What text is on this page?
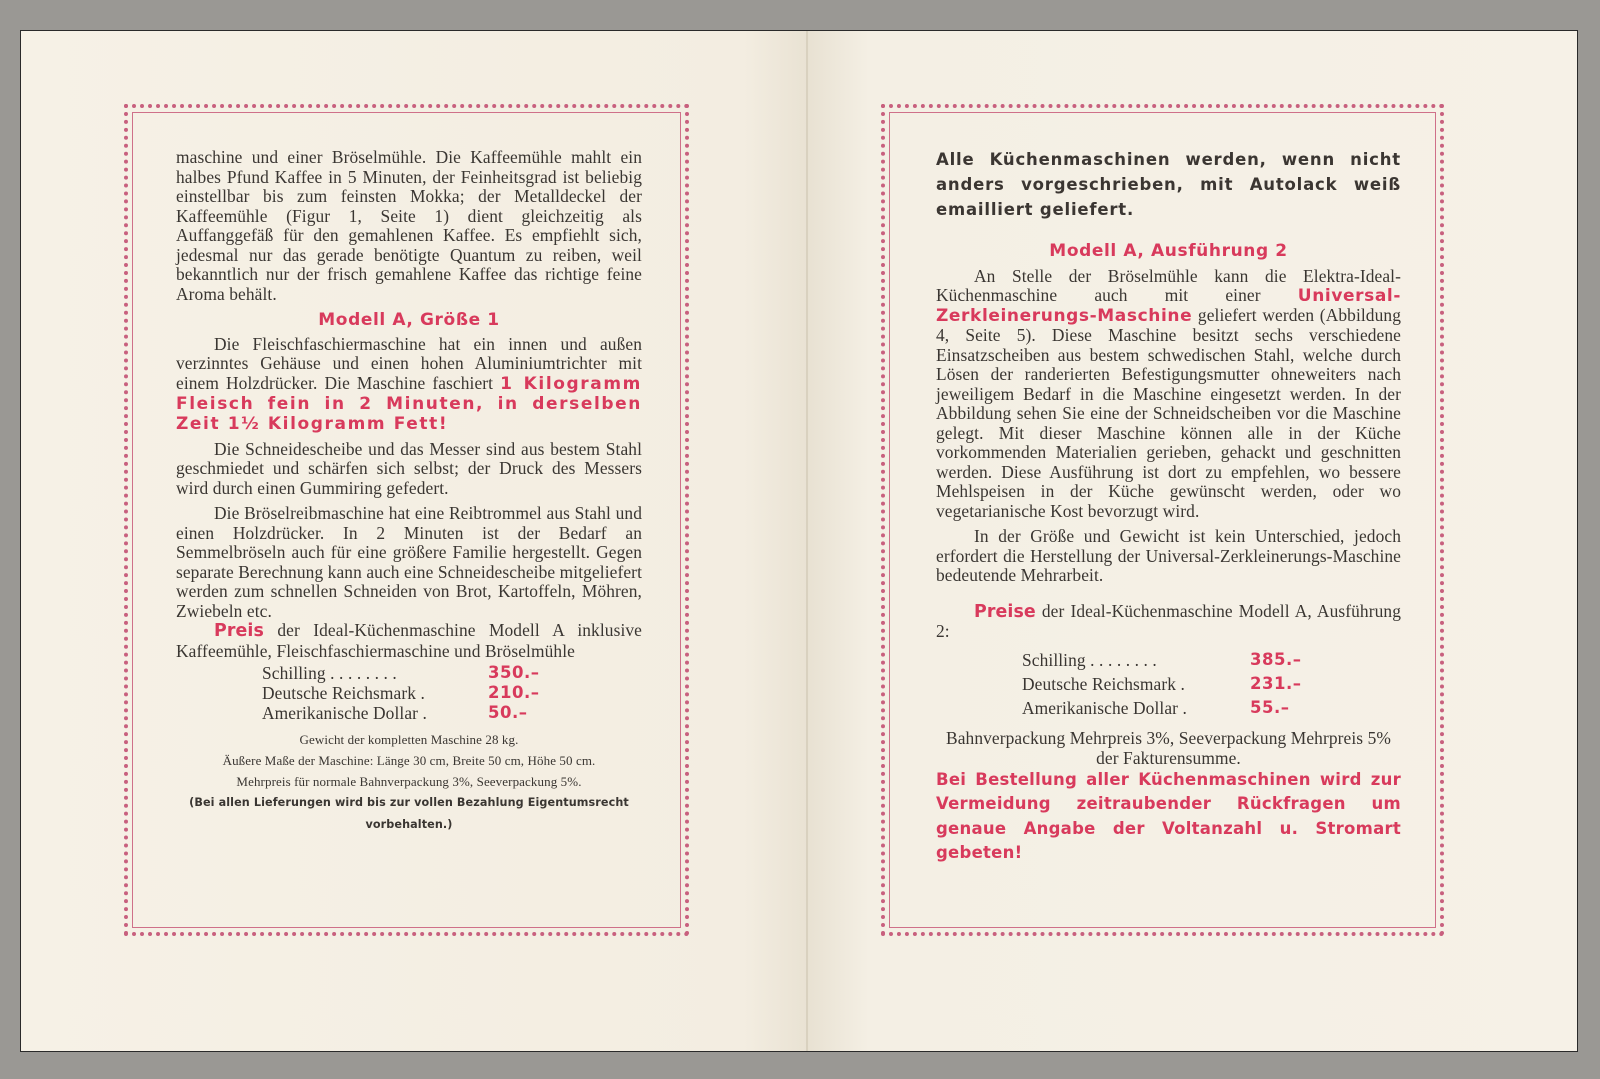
maschine und einer Bröselmühle. Die Kaffeemühle mahlt ein halbes Pfund Kaffee in 5 Minuten, der Feinheitsgrad ist beliebig einstellbar bis zum feinsten Mokka; der Metalldeckel der Kaffeemühle (Figur 1, Seite 1) dient gleichzeitig als Auffanggefäß für den gemahlenen Kaffee. Es empfiehlt sich, jedesmal nur das gerade benötigte Quantum zu reiben, weil bekanntlich nur der frisch gemahlene Kaffee das richtige feine Aroma behält.

Modell A, Größe 1

Die Fleischfaschiermaschine hat ein innen und außen verzinntes Gehäuse und einen hohen Aluminiumtrichter mit einem Holzdrücker. Die Maschine faschiert 1 Kilogramm Fleisch fein in 2 Minuten, in derselben Zeit 1½ Kilogramm Fett!

Die Schneidescheibe und das Messer sind aus bestem Stahl geschmiedet und schärfen sich selbst; der Druck des Messers wird durch einen Gummiring gefedert.

Die Bröselreibmaschine hat eine Reibtrommel aus Stahl und einen Holzdrücker. In 2 Minuten ist der Bedarf an Semmelbröseln auch für eine größere Familie hergestellt. Gegen separate Berechnung kann auch eine Schneidescheibe mitgeliefert werden zum schnellen Schneiden von Brot, Kartoffeln, Möhren, Zwiebeln etc.

Preis der Ideal-Küchenmaschine Modell A inklusive Kaffeemühle, Fleischfaschiermaschine und Bröselmühle

Schilling . . . . . . . .	350.–
Deutsche Reichsmark .	210.–
Amerikanische Dollar .	50.–

Gewicht der kompletten Maschine 28 kg.

Äußere Maße der Maschine: Länge 30 cm, Breite 50 cm, Höhe 50 cm.

Mehrpreis für normale Bahnverpackung 3%, Seeverpackung 5%.

(Bei allen Lieferungen wird bis zur vollen Bezahlung Eigentumsrecht vorbehalten.)

Alle Küchenmaschinen werden, wenn nicht anders vorgeschrieben, mit Autolack weiß emailliert geliefert.

Modell A, Ausführung 2

An Stelle der Bröselmühle kann die Elektra-Ideal-Küchenmaschine auch mit einer Universal-Zerkleinerungs-Maschine geliefert werden (Abbildung 4, Seite 5). Diese Maschine besitzt sechs verschiedene Einsatzscheiben aus bestem schwedischen Stahl, welche durch Lösen der randerierten Befestigungsmutter ohneweiters nach jeweiligem Bedarf in die Maschine eingesetzt werden. In der Abbildung sehen Sie eine der Schneidscheiben vor die Maschine gelegt. Mit dieser Maschine können alle in der Küche vorkommenden Materialien gerieben, gehackt und geschnitten werden. Diese Ausführung ist dort zu empfehlen, wo bessere Mehlspeisen in der Küche gewünscht werden, oder wo vegetarianische Kost bevorzugt wird.

In der Größe und Gewicht ist kein Unterschied, jedoch erfordert die Herstellung der Universal-Zerkleinerungs-Maschine bedeutende Mehrarbeit.

Preise der Ideal-Küchenmaschine Modell A, Ausführung 2:

Schilling . . . . . . . .	385.–
Deutsche Reichsmark .	231.–
Amerikanische Dollar .	55.–

Bahnverpackung Mehrpreis 3%, Seeverpackung Mehrpreis 5% der Fakturensumme.

Bei Bestellung aller Küchenmaschinen wird zur Vermeidung zeitraubender Rückfragen um genaue Angabe der Voltanzahl u. Stromart gebeten!
